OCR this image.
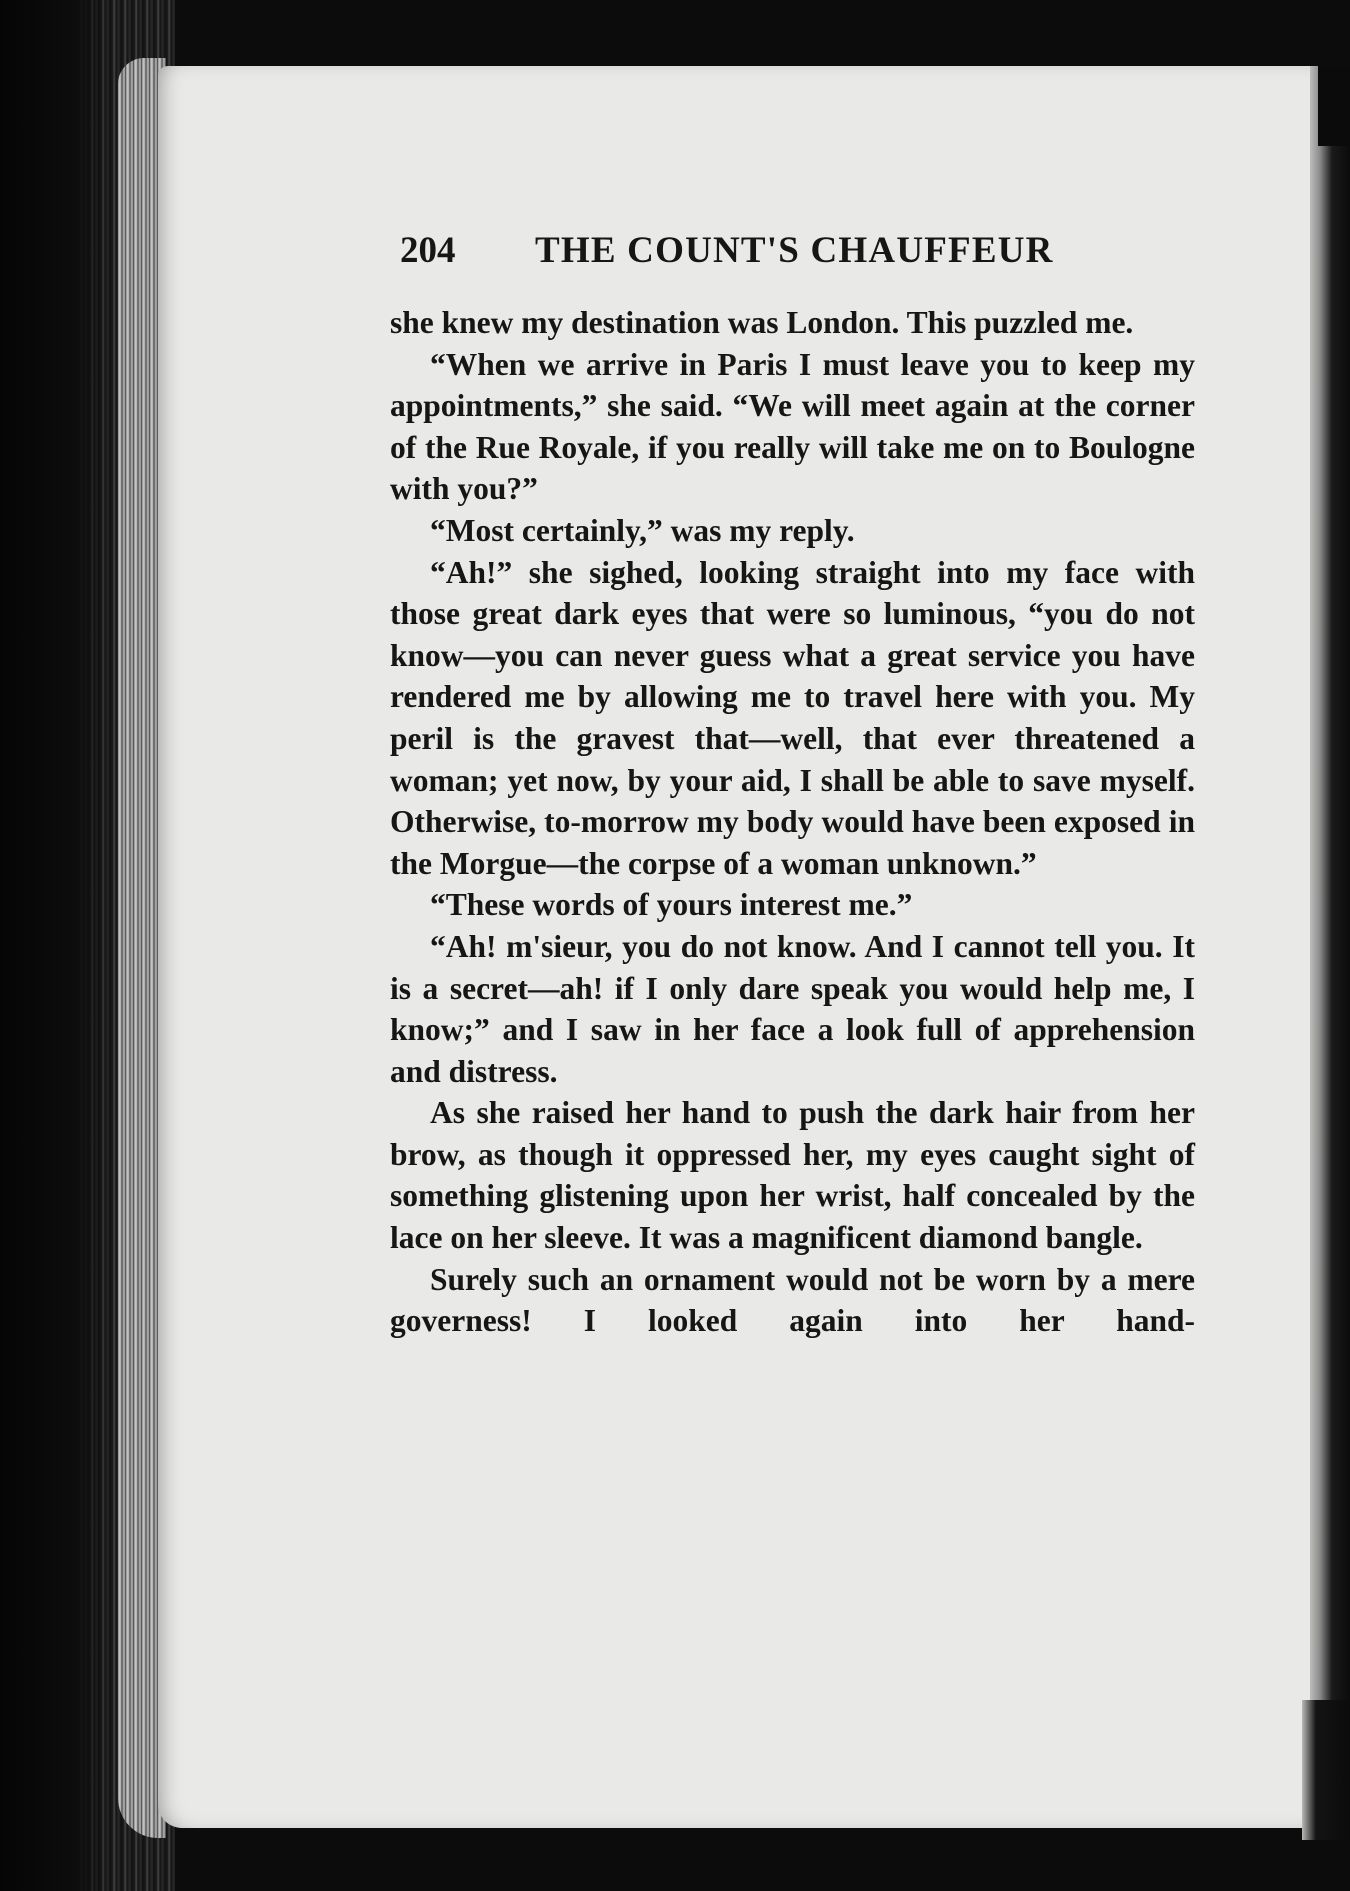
204 THE COUNT'S CHAUFFEUR

she knew my destination was London. This puzzled me.

“When we arrive in Paris I must leave you to keep my appointments,” she said. “We will meet again at the corner of the Rue Royale, if you really will take me on to Boulogne with you?”

“Most certainly,” was my reply.

“Ah!” she sighed, looking straight into my face with those great dark eyes that were so luminous, “you do not know—you can never guess what a great service you have rendered me by allowing me to travel here with you. My peril is the gravest that—well, that ever threatened a woman; yet now, by your aid, I shall be able to save myself. Otherwise, to-morrow my body would have been exposed in the Morgue—the corpse of a woman unknown.”

“These words of yours interest me.”

“Ah! m'sieur, you do not know. And I cannot tell you. It is a secret—ah! if I only dare speak you would help me, I know;” and I saw in her face a look full of apprehension and distress.

As she raised her hand to push the dark hair from her brow, as though it oppressed her, my eyes caught sight of something glistening upon her wrist, half concealed by the lace on her sleeve. It was a magnificent diamond bangle.

Surely such an ornament would not be worn by a mere governess! I looked again into her hand-
